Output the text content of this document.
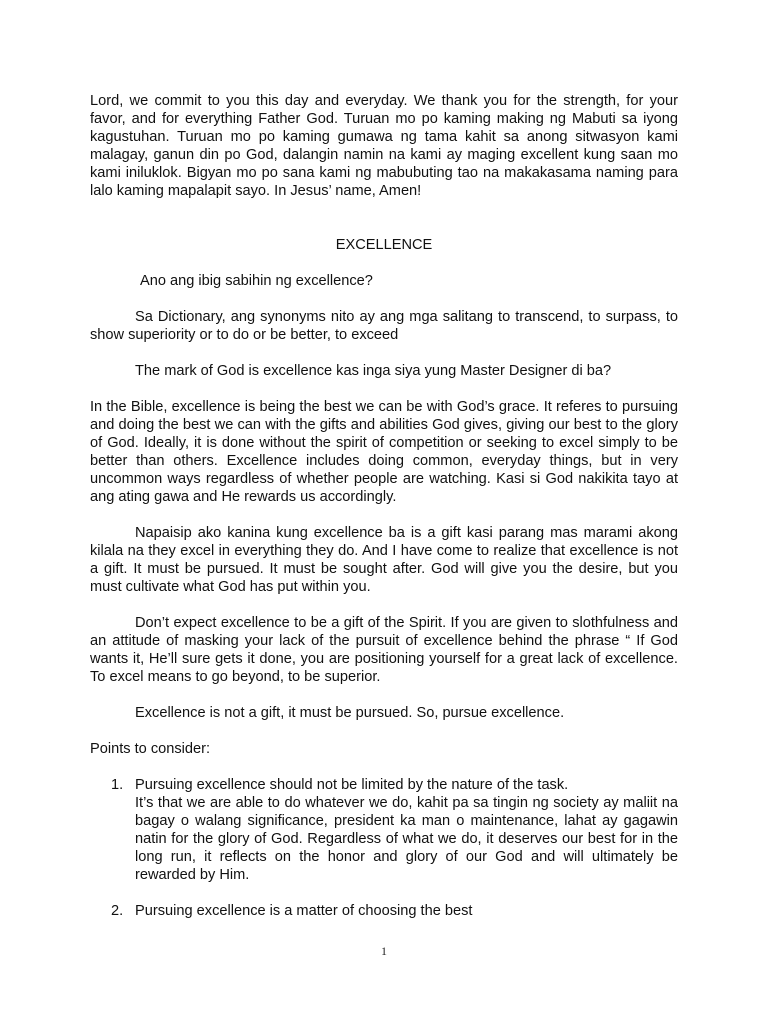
Lord, we commit to you this day and everyday. We thank you for the strength, for your favor, and for everything Father God. Turuan mo po kaming making ng Mabuti sa iyong kagustuhan. Turuan mo po kaming gumawa ng tama kahit sa anong sitwasyon kami malagay, ganun din po God, dalangin namin na kami ay maging excellent kung saan mo kami iniluklok. Bigyan mo po sana kami ng mabubuting tao na makakasama naming para lalo kaming mapalapit sayo. In Jesus’ name, Amen!

EXCELLENCE

Ano ang ibig sabihin ng excellence?

Sa Dictionary, ang synonyms nito ay ang mga salitang to transcend, to surpass, to show superiority or to do or be better, to exceed

The mark of God is excellence kas inga siya yung Master Designer di ba?

In the Bible, excellence is being the best we can be with God’s grace. It referes to pursuing and doing the best we can with the gifts and abilities God gives, giving our best to the glory of God. Ideally, it is done without the spirit of competition or seeking to excel simply to be better than others. Excellence includes doing common, everyday things, but in very uncommon ways regardless of whether people are watching. Kasi si God nakikita tayo at ang ating gawa and He rewards us accordingly.

Napaisip ako kanina kung excellence ba is a gift kasi parang mas marami akong kilala na they excel in everything they do. And I have come to realize that excellence is not a gift. It must be pursued. It must be sought after. God will give you the desire, but you must cultivate what God has put within you.

Don’t expect excellence to be a gift of the Spirit. If you are given to slothfulness and an attitude of masking your lack of the pursuit of excellence behind the phrase “ If God wants it, He’ll sure gets it done, you are positioning yourself for a great lack of excellence. To excel means to go beyond, to be superior.

Excellence is not a gift, it must be pursued. So, pursue excellence.

Points to consider:

1. Pursuing excellence should not be limited by the nature of the task.
It’s that we are able to do whatever we do, kahit pa sa tingin ng society ay maliit na bagay o walang significance, president ka man o maintenance, lahat ay gagawin natin for the glory of God. Regardless of what we do, it deserves our best for in the long run, it reflects on the honor and glory of our God and will ultimately be rewarded by Him.
2. Pursuing excellence is a matter of choosing the best
1
